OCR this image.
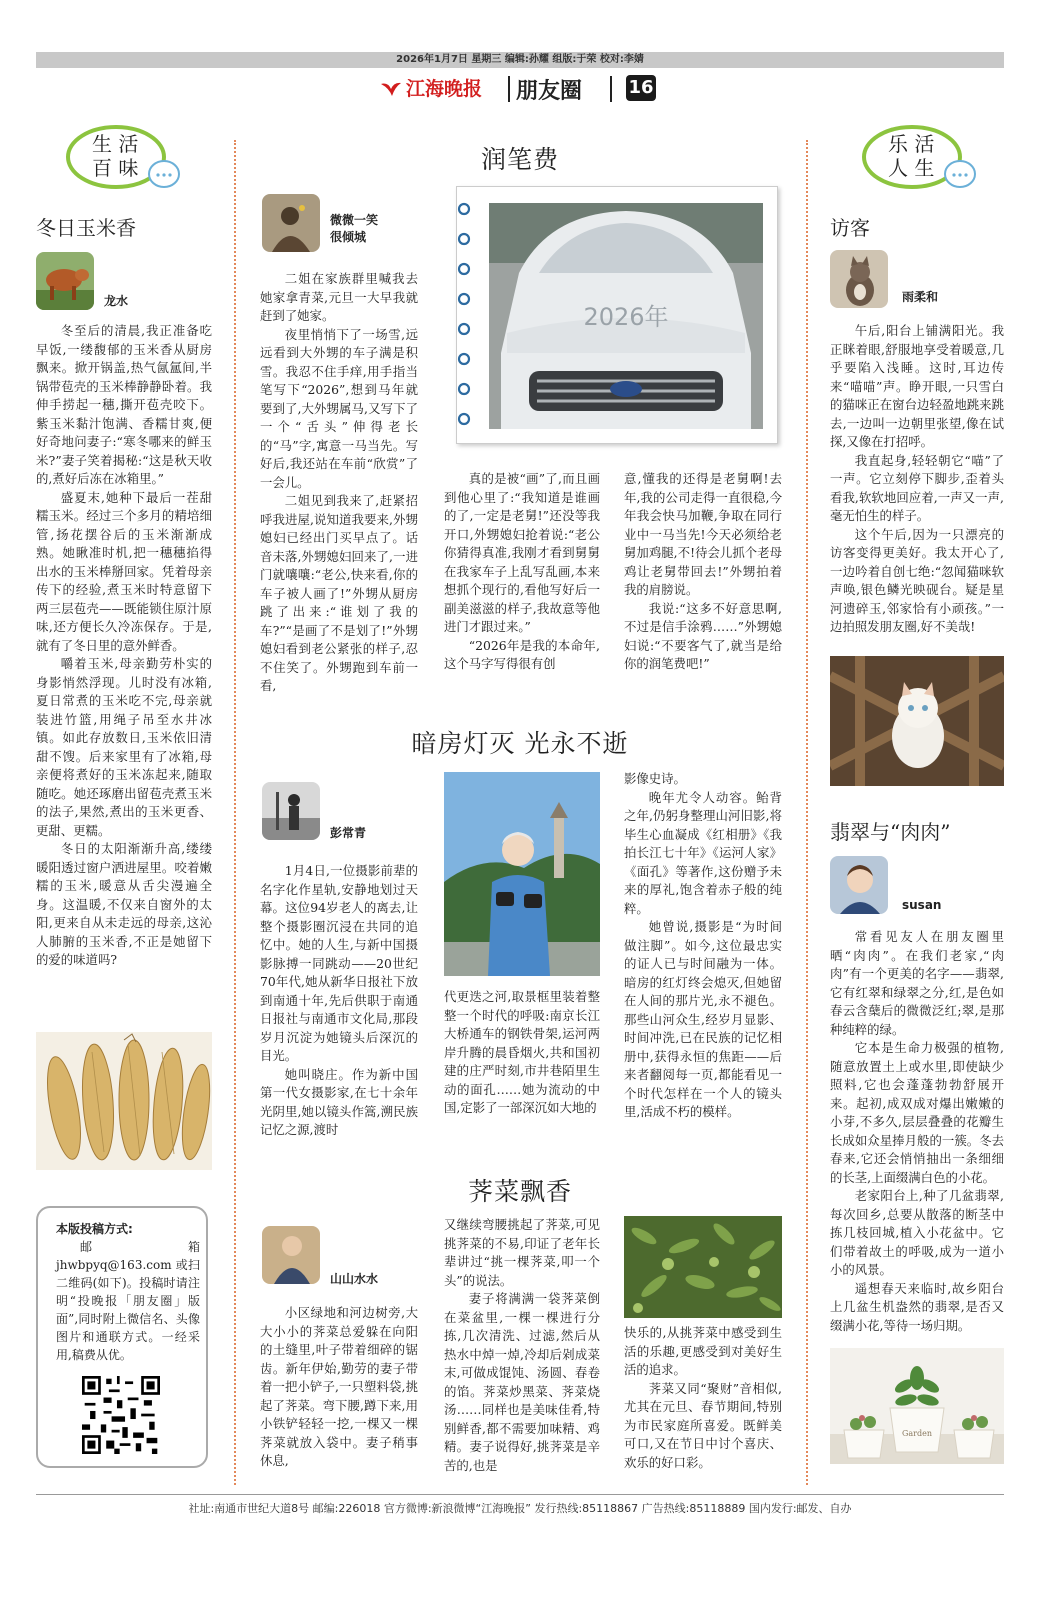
2026年1月7日 星期三 编辑:孙耀 组版:于荣 校对:李婧
江海晚报 朋友圈	16
生 活
百 味
冬日玉米香
龙水

冬至后的清晨,我正准备吃早饭,一缕馥郁的玉米香从厨房飘来。掀开锅盖,热气氤氲间,半锅带苞壳的玉米棒静静卧着。我伸手捞起一穗,撕开苞壳咬下。紫玉米黏汁饱满、香糯甘爽,便好奇地问妻子:“寒冬哪来的鲜玉米?”妻子笑着揭秘:“这是秋天收的,煮好后冻在冰箱里。”

盛夏末,她种下最后一茬甜糯玉米。经过三个多月的精培细管,扬花摆谷后的玉米渐渐成熟。她瞅准时机,把一穗穗掐得出水的玉米棒掰回家。凭着母亲传下的经验,煮玉米时特意留下两三层苞壳——既能锁住原汁原味,还方便长久冷冻保存。于是,就有了冬日里的意外鲜香。

嚼着玉米,母亲勤劳朴实的身影悄然浮现。儿时没有冰箱,夏日常煮的玉米吃不完,母亲就装进竹篮,用绳子吊至水井冰镇。如此存放数日,玉米依旧清甜不馊。后来家里有了冰箱,母亲便将煮好的玉米冻起来,随取随吃。她还琢磨出留苞壳煮玉米的法子,果然,煮出的玉米更香、更甜、更糯。

冬日的太阳渐渐升高,缕缕暖阳透过窗户洒进屋里。咬着嫩糯的玉米,暖意从舌尖漫遍全身。这温暖,不仅来自窗外的太阳,更来自从未走远的母亲,这沁人肺腑的玉米香,不正是她留下的爱的味道吗?

本版投稿方式:
邮箱 jhwbpyq@163.com 或扫二维码(如下)。投稿时请注明“投晚报「朋友圈」版面”,同时附上微信名、头像图片和通联方式。一经采用,稿费从优。
润笔费
微微一笑
很倾城

二姐在家族群里喊我去她家拿青菜,元旦一大早我就赶到了她家。

夜里悄悄下了一场雪,远远看到大外甥的车子满是积雪。我忍不住手痒,用手指当笔写下“2026”,想到马年就要到了,大外甥属马,又写下了一个“舌头”伸得老长的“马”字,寓意一马当先。写好后,我还站在车前“欣赏”了一会儿。

二姐见到我来了,赶紧招呼我进屋,说知道我要来,外甥媳妇已经出门买早点了。话音未落,外甥媳妇回来了,一进门就嚷嚷:“老公,快来看,你的车子被人画了!”外甥从厨房跳了出来:“谁划了我的车?”“是画了不是划了!”外甥媳妇看到老公紧张的样子,忍不住笑了。外甥跑到车前一看,

2026年

真的是被“画”了,而且画到他心里了:“我知道是谁画的了,一定是老舅!”还没等我开口,外甥媳妇抢着说:“老公你猜得真准,我刚才看到舅舅在我家车子上乱写乱画,本来想抓个现行的,看他写好后一副美滋滋的样子,我故意等他进门才跟过来。”

“2026年是我的本命年,这个马字写得很有创

意,懂我的还得是老舅啊!去年,我的公司走得一直很稳,今年我会快马加鞭,争取在同行业中一马当先!今天必须给老舅加鸡腿,不!待会儿抓个老母鸡让老舅带回去!”外甥拍着我的肩膀说。

我说:“这多不好意思啊,不过是信手涂鸦……”外甥媳妇说:“不要客气了,就当是给你的润笔费吧!”

暗房灯灭 光永不逝
彭常青

1月4日,一位摄影前辈的名字化作星轨,安静地划过天幕。这位94岁老人的离去,让整个摄影圈沉浸在共同的追忆中。她的人生,与新中国摄影脉搏一同跳动——20世纪70年代,她从新华日报社下放到南通十年,先后供职于南通日报社与南通市文化局,那段岁月沉淀为她镜头后深沉的目光。

她叫晓庄。作为新中国第一代女摄影家,在七十余年光阴里,她以镜头作篙,溯民族记忆之源,渡时

代更迭之河,取景框里装着整整一个时代的呼吸:南京长江大桥通车的钢铁骨架,运河两岸升腾的晨昏烟火,共和国初建的庄严时刻,市井巷陌里生动的面孔……她为流动的中国,定影了一部深沉如大地的

影像史诗。

晚年尤令人动容。鲐背之年,仍躬身整理山河旧影,将毕生心血凝成《红相册》《我拍长江七十年》《运河人家》《面孔》等著作,这份赠予未来的厚礼,饱含着赤子般的纯粹。

她曾说,摄影是“为时间做注脚”。如今,这位最忠实的证人已与时间融为一体。暗房的红灯终会熄灭,但她留在人间的那片光,永不褪色。那些山河众生,经岁月显影、时间冲洗,已在民族的记忆相册中,获得永恒的焦距——后来者翻阅每一页,都能看见一个时代怎样在一个人的镜头里,活成不朽的模样。

荠菜飘香
山山水水

小区绿地和河边树旁,大大小小的荠菜总爱躲在向阳的土缝里,叶子带着细碎的锯齿。新年伊始,勤劳的妻子带着一把小铲子,一只塑料袋,挑起了荠菜。弯下腰,蹲下来,用小铁铲轻轻一挖,一棵又一棵荠菜就放入袋中。妻子稍事休息,

又继续弯腰挑起了荠菜,可见挑荠菜的不易,印证了老年长辈讲过“挑一棵荠菜,叩一个头”的说法。

妻子将满满一袋荠菜倒在菜盆里,一棵一棵进行分拣,几次清洗、过滤,然后从热水中焯一焯,冷却后剁成菜末,可做成馄饨、汤圆、春卷的馅。荠菜炒黑菜、荠菜烧汤……同样也是美味佳肴,特别鲜香,都不需要加味精、鸡精。妻子说得好,挑荠菜是辛苦的,也是

快乐的,从挑荠菜中感受到生活的乐趣,更感受到对美好生活的追求。

荠菜又同“聚财”音相似,尤其在元旦、春节期间,特别为市民家庭所喜爱。既鲜美可口,又在节日中讨个喜庆、欢乐的好口彩。

乐 活
人 生
访客
雨柔和

午后,阳台上铺满阳光。我正眯着眼,舒服地享受着暖意,几乎要陷入浅睡。这时,耳边传来“喵喵”声。睁开眼,一只雪白的猫咪正在窗台边轻盈地跳来跳去,一边叫一边朝里张望,像在试探,又像在打招呼。

我直起身,轻轻朝它“喵”了一声。它立刻停下脚步,歪着头看我,软软地回应着,一声又一声,毫无怕生的样子。

这个午后,因为一只漂亮的访客变得更美好。我太开心了,一边吟着自创七绝:“忽闻猫咪软声唤,银色鳞光映砚台。疑是星河遗碎玉,邻家恰有小顽孩。”一边拍照发朋友圈,好不美哉!

翡翠与“肉肉”
susan

常看见友人在朋友圈里晒“肉肉”。在我们老家,“肉肉”有一个更美的名字——翡翠,它有红翠和绿翠之分,红,是色如春云含蘖后的微微泛红;翠,是那种纯粹的绿。

它本是生命力极强的植物,随意放置土上或水里,即使缺少照料,它也会蓬蓬勃勃舒展开来。起初,成双成对爆出嫩嫩的小芽,不多久,层层叠叠的花瓣生长成如众星捧月般的一簇。冬去春来,它还会悄悄抽出一条细细的长茎,上面缀满白色的小花。

老家阳台上,种了几盆翡翠,每次回乡,总要从散落的断茎中拣几枝回城,植入小花盆中。它们带着故土的呼吸,成为一道小小的风景。

遥想春天来临时,故乡阳台上几盆生机盎然的翡翠,是否又缀满小花,等待一场归期。

Garden
社址:南通市世纪大道8号 邮编:226018 官方微博:新浪微博“江海晚报” 发行热线:85118867 广告热线:85118889 国内发行:邮发、自办
